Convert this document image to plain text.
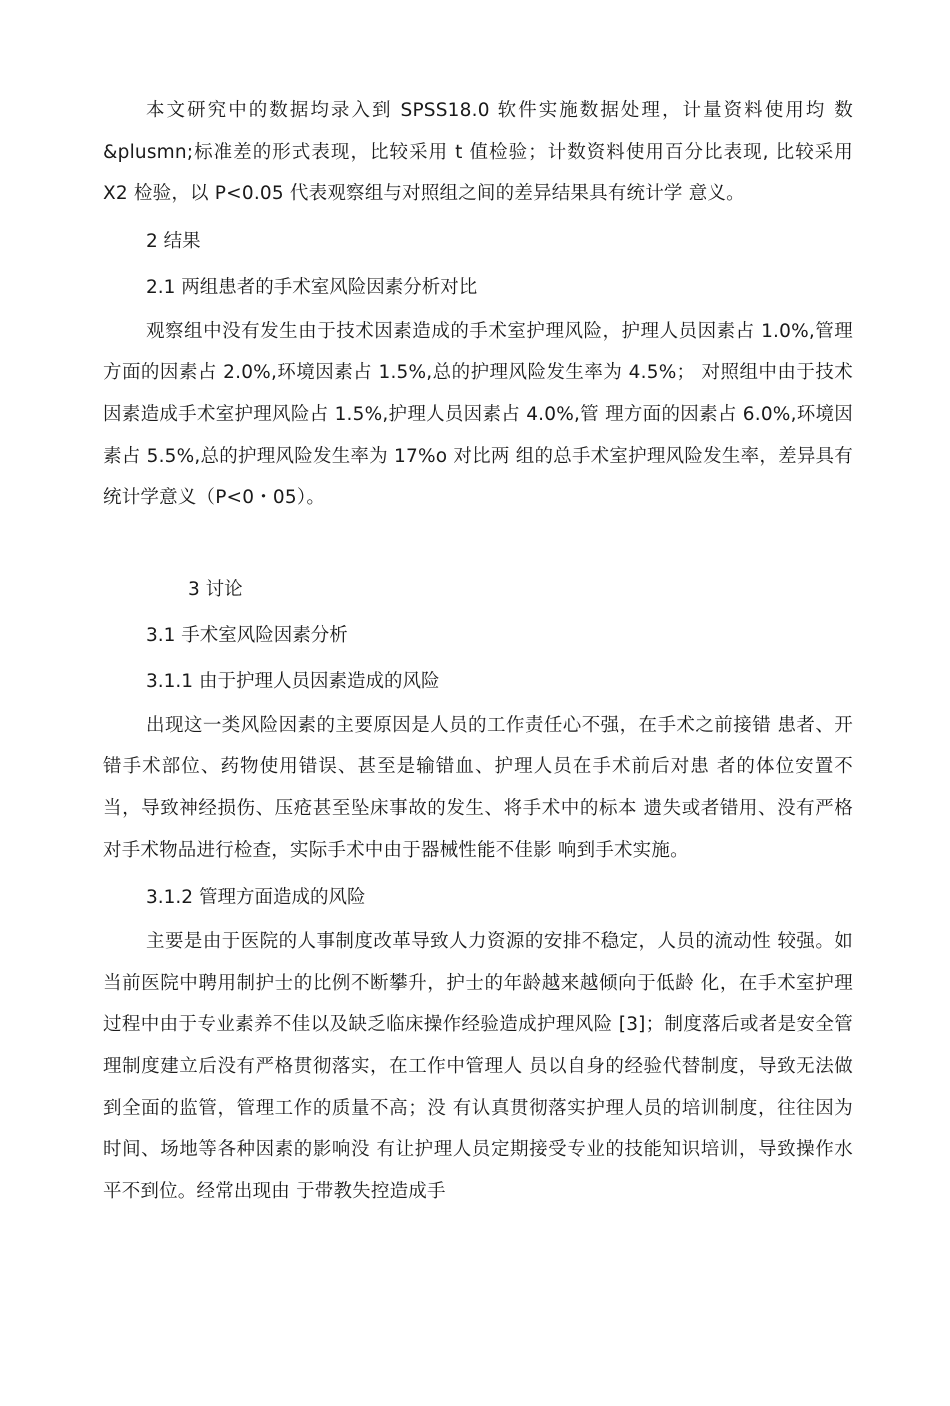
本文研究中的数据均录入到 SPSS18.0 软件实施数据处理，计量资料使用均 数&plusmn;标准差的形式表现，比较采用 t 值检验；计数资料使用百分比表现, 比较采用 X2 检验，以 P<0.05 代表观察组与对照组之间的差异结果具有统计学 意义。

2 结果

2.1 两组患者的手术室风险因素分析对比

观察组中没有发生由于技术因素造成的手术室护理风险，护理人员因素占 1.0%,管理方面的因素占 2.0%,环境因素占 1.5%,总的护理风险发生率为 4.5%； 对照组中由于技术因素造成手术室护理风险占 1.5%,护理人员因素占 4.0%,管 理方面的因素占 6.0%,环境因素占 5.5%,总的护理风险发生率为 17%o 对比两 组的总手术室护理风险发生率，差异具有统计学意义（P<0・05）。

3 讨论

3.1 手术室风险因素分析

3.1.1 由于护理人员因素造成的风险

出现这一类风险因素的主要原因是人员的工作责任心不强，在手术之前接错 患者、开错手术部位、药物使用错误、甚至是输错血、护理人员在手术前后对患 者的体位安置不当，导致神经损伤、压疮甚至坠床事故的发生、将手术中的标本 遗失或者错用、没有严格对手术物品进行检查，实际手术中由于器械性能不佳影 响到手术实施。

3.1.2 管理方面造成的风险

主要是由于医院的人事制度改革导致人力资源的安排不稳定，人员的流动性 较强。如当前医院中聘用制护士的比例不断攀升，护士的年龄越来越倾向于低龄 化，在手术室护理过程中由于专业素养不佳以及缺乏临床操作经验造成护理风险 [3]；制度落后或者是安全管理制度建立后没有严格贯彻落实，在工作中管理人 员以自身的经验代替制度，导致无法做到全面的监管，管理工作的质量不高；没 有认真贯彻落实护理人员的培训制度，往往因为时间、场地等各种因素的影响没 有让护理人员定期接受专业的技能知识培训，导致操作水平不到位。经常出现由 于带教失控造成手
